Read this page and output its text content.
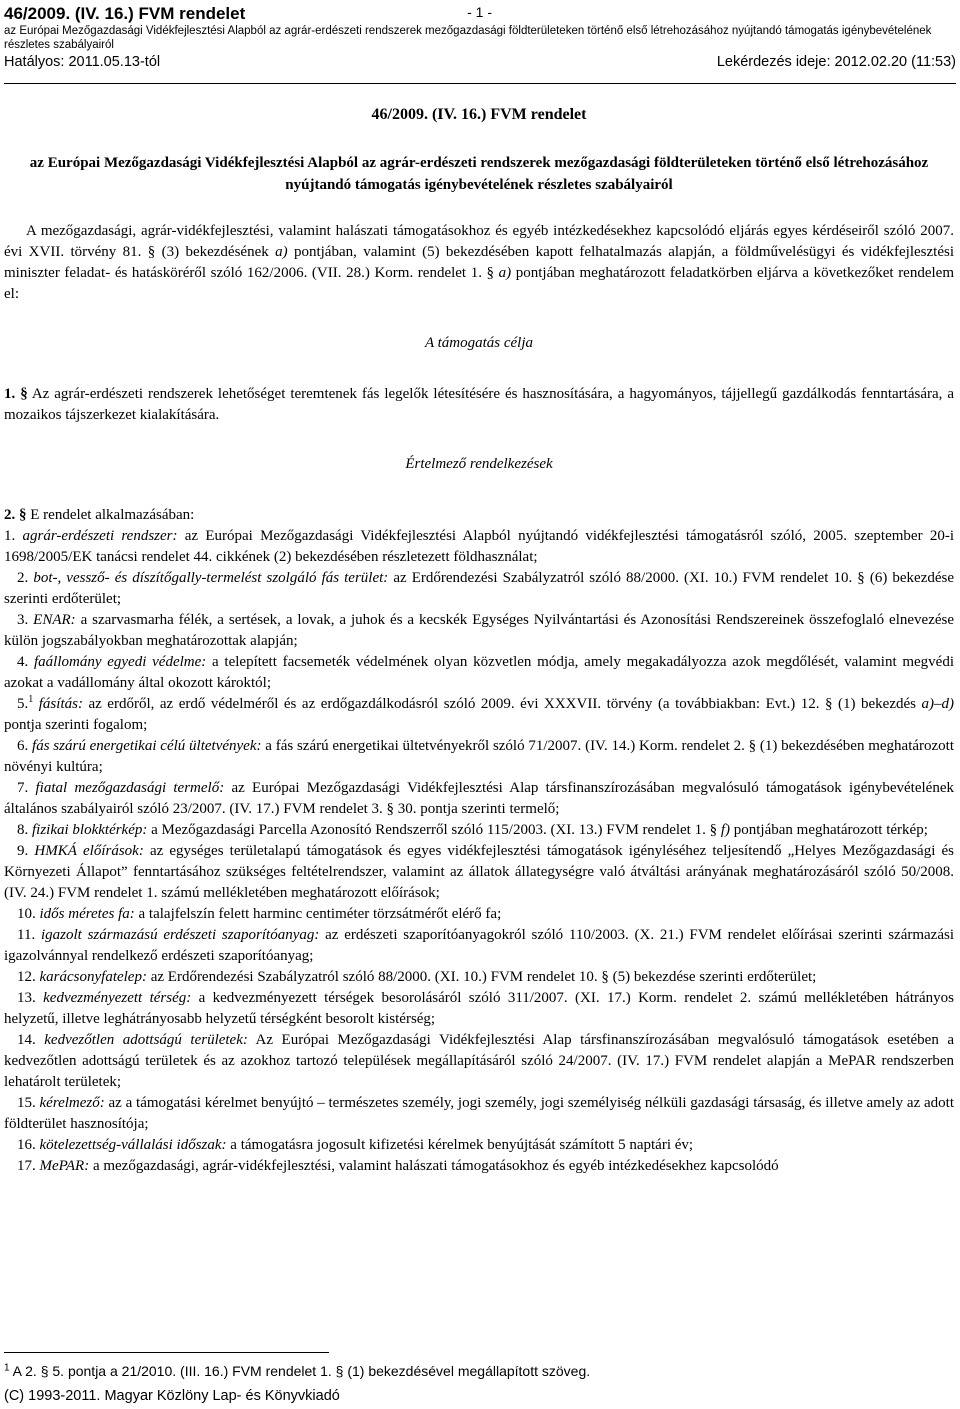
46/2009. (IV. 16.) FVM rendelet	- 1 -
az Európai Mezőgazdasági Vidékfejlesztési Alapból az agrár-erdészeti rendszerek mezőgazdasági földterületeken történő első létrehozásához nyújtandó támogatás igénybevételének részletes szabályairól
Hatályos: 2011.05.13-tól	Lekérdezés ideje: 2012.02.20 (11:53)
46/2009. (IV. 16.) FVM rendelet
az Európai Mezőgazdasági Vidékfejlesztési Alapból az agrár-erdészeti rendszerek mezőgazdasági földterületeken történő első létrehozásához nyújtandó támogatás igénybevételének részletes szabályairól

A mezőgazdasági, agrár-vidékfejlesztési, valamint halászati támogatásokhoz és egyéb intézkedésekhez kapcsolódó eljárás egyes kérdéseiről szóló 2007. évi XVII. törvény 81. § (3) bekezdésének a) pontjában, valamint (5) bekezdésében kapott felhatalmazás alapján, a földművelésügyi és vidékfejlesztési miniszter feladat- és hatásköréről szóló 162/2006. (VII. 28.) Korm. rendelet 1. § a) pontjában meghatározott feladatkörben eljárva a következőket rendelem el:

A támogatás célja

1. § Az agrár-erdészeti rendszerek lehetőséget teremtenek fás legelők létesítésére és hasznosítására, a hagyományos, tájjellegű gazdálkodás fenntartására, a mozaikos tájszerkezet kialakítására.

Értelmező rendelkezések

2. § E rendelet alkalmazásában:

1. agrár-erdészeti rendszer: az Európai Mezőgazdasági Vidékfejlesztési Alapból nyújtandó vidékfejlesztési támogatásról szóló, 2005. szeptember 20-i 1698/2005/EK tanácsi rendelet 44. cikkének (2) bekezdésében részletezett földhasználat;

2. bot-, vessző- és díszítőgally-termelést szolgáló fás terület: az Erdőrendezési Szabályzatról szóló 88/2000. (XI. 10.) FVM rendelet 10. § (6) bekezdése szerinti erdőterület;

3. ENAR: a szarvasmarha félék, a sertések, a lovak, a juhok és a kecskék Egységes Nyilvántartási és Azonosítási Rendszereinek összefoglaló elnevezése külön jogszabályokban meghatározottak alapján;

4. faállomány egyedi védelme: a telepített facsemeték védelmének olyan közvetlen módja, amely megakadályozza azok megdőlését, valamint megvédi azokat a vadállomány által okozott károktól;

5.$^1$ fásítás: az erdőről, az erdő védelméről és az erdőgazdálkodásról szóló 2009. évi XXXVII. törvény (a továbbiakban: Evt.) 12. § (1) bekezdés a)–d) pontja szerinti fogalom;

6. fás szárú energetikai célú ültetvények: a fás szárú energetikai ültetvényekről szóló 71/2007. (IV. 14.) Korm. rendelet 2. § (1) bekezdésében meghatározott növényi kultúra;

7. fiatal mezőgazdasági termelő: az Európai Mezőgazdasági Vidékfejlesztési Alap társfinanszírozásában megvalósuló támogatások igénybevételének általános szabályairól szóló 23/2007. (IV. 17.) FVM rendelet 3. § 30. pontja szerinti termelő;

8. fizikai blokktérkép: a Mezőgazdasági Parcella Azonosító Rendszerről szóló 115/2003. (XI. 13.) FVM rendelet 1. § f) pontjában meghatározott térkép;

9. HMKÁ előírások: az egységes területalapú támogatások és egyes vidékfejlesztési támogatások igényléséhez teljesítendő „Helyes Mezőgazdasági és Környezeti Állapot” fenntartásához szükséges feltételrendszer, valamint az állatok állategységre való átváltási arányának meghatározásáról szóló 50/2008. (IV. 24.) FVM rendelet 1. számú mellékletében meghatározott előírások;

10. idős méretes fa: a talajfelszín felett harminc centiméter törzsátmérőt elérő fa;

11. igazolt származású erdészeti szaporítóanyag: az erdészeti szaporítóanyagokról szóló 110/2003. (X. 21.) FVM rendelet előírásai szerinti származási igazolvánnyal rendelkező erdészeti szaporítóanyag;

12. karácsonyfatelep: az Erdőrendezési Szabályzatról szóló 88/2000. (XI. 10.) FVM rendelet 10. § (5) bekezdése szerinti erdőterület;

13. kedvezményezett térség: a kedvezményezett térségek besorolásáról szóló 311/2007. (XI. 17.) Korm. rendelet 2. számú mellékletében hátrányos helyzetű, illetve leghátrányosabb helyzetű térségként besorolt kistérség;

14. kedvezőtlen adottságú területek: Az Európai Mezőgazdasági Vidékfejlesztési Alap társfinanszírozásában megvalósuló támogatások esetében a kedvezőtlen adottságú területek és az azokhoz tartozó települések megállapításáról szóló 24/2007. (IV. 17.) FVM rendelet alapján a MePAR rendszerben lehatárolt területek;

15. kérelmező: az a támogatási kérelmet benyújtó – természetes személy, jogi személy, jogi személyiség nélküli gazdasági társaság, és illetve amely az adott földterület hasznosítója;

16. kötelezettség-vállalási időszak: a támogatásra jogosult kifizetési kérelmek benyújtását számított 5 naptári év;

17. MePAR: a mezőgazdasági, agrár-vidékfejlesztési, valamint halászati támogatásokhoz és egyéb intézkedésekhez kapcsolódó

$^1$ A 2. § 5. pontja a 21/2010. (III. 16.) FVM rendelet 1. § (1) bekezdésével megállapított szöveg.
(C) 1993-2011. Magyar Közlöny Lap- és Könyvkiadó
